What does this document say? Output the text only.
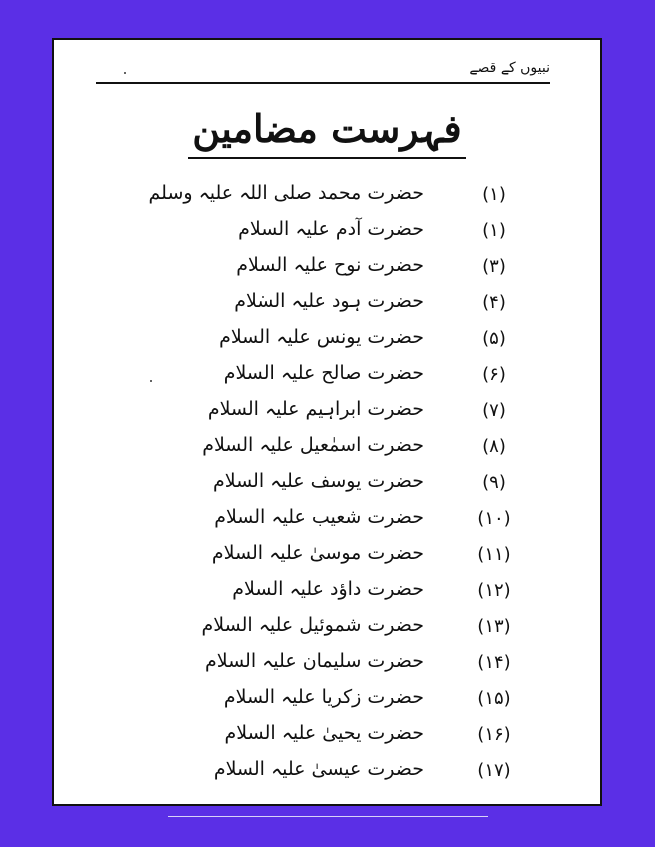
نبیوں کے قصے
فہرست مضامین
(۱)
حضرت محمد صلی اللہ علیہ وسلم
(۱)
حضرت آدم علیہ السلام
(۳)
حضرت نوح علیہ السلام
(۴)
حضرت ہود علیہ السلام
(۵)
حضرت یونس علیہ السلام
(۶)
حضرت صالح علیہ السلام
(۷)
حضرت ابراہیم علیہ السلام
(۸)
حضرت اسمٰعیل علیہ السلام
(۹)
حضرت یوسف علیہ السلام
(۱۰)
حضرت شعیب علیہ السلام
(۱۱)
حضرت موسیٰ علیہ السلام
(۱۲)
حضرت داؤد علیہ السلام
(۱۳)
حضرت شموئیل علیہ السلام
(۱۴)
حضرت سلیمان علیہ السلام
(۱۵)
حضرت زکریا علیہ السلام
(۱۶)
حضرت یحییٰ علیہ السلام
(۱۷)
حضرت عیسیٰ علیہ السلام
